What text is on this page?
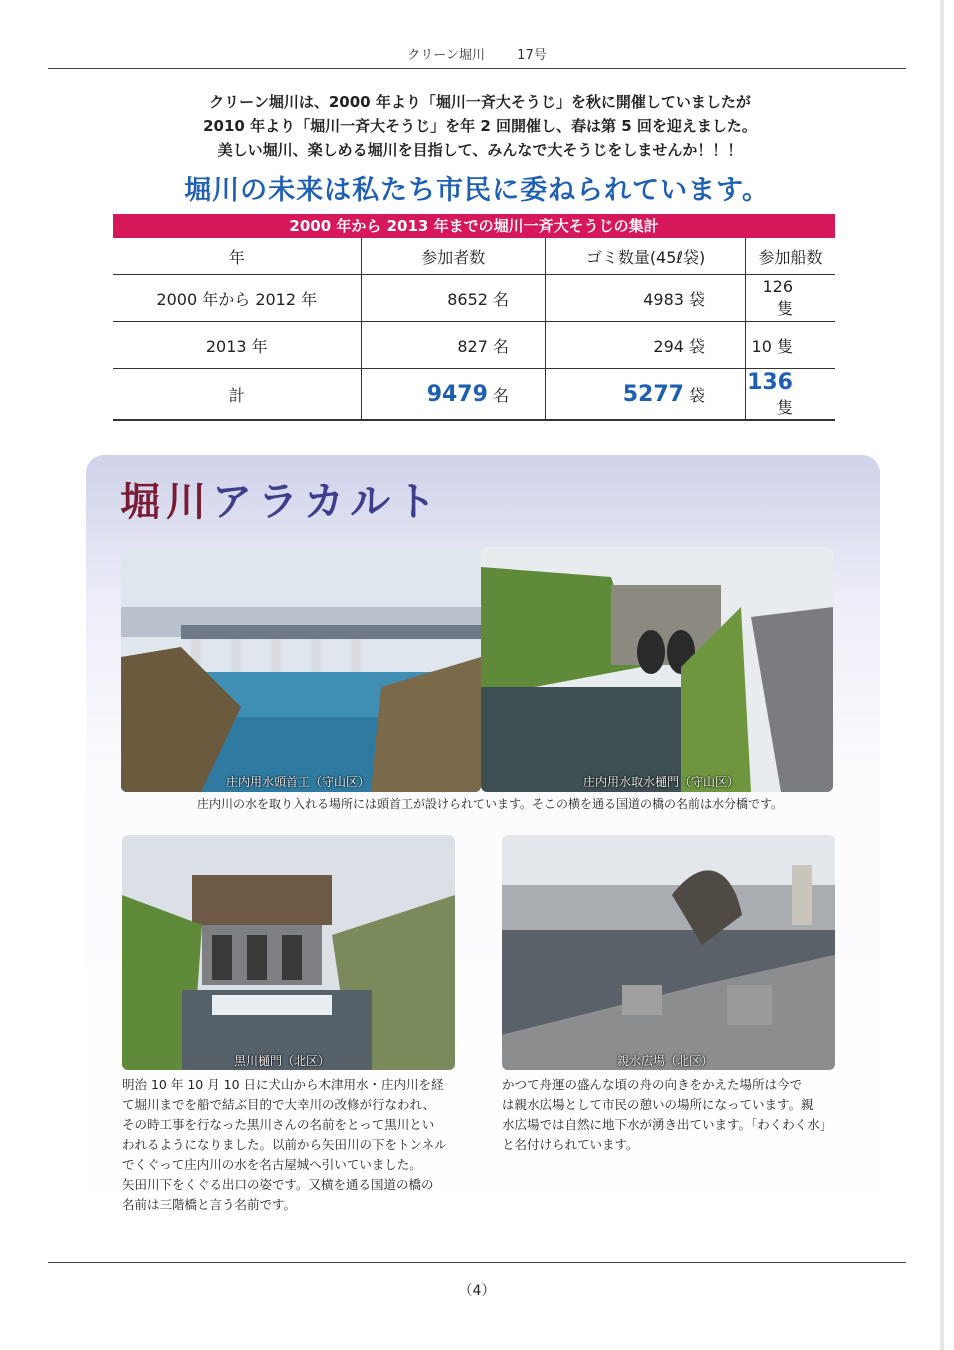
クリーン堀川 17号
クリーン堀川は、2000 年より「堀川一斉大そうじ」を秋に開催していましたが
2010 年より「堀川一斉大そうじ」を年 2 回開催し、春は第 5 回を迎えました。
美しい堀川、楽しめる堀川を目指して、みんなで大そうじをしませんか！！！
堀川の未来は私たち市民に委ねられています。
2000 年から 2013 年までの堀川一斉大そうじの集計
年	参加者数	ゴミ数量(45ℓ袋)	参加船数
2000 年から 2012 年	8652 名	4983 袋	126 隻
2013 年	827 名	294 袋	10 隻
計	9479 名	5277 袋	136 隻
堀川アラカルト
庄内用水頭首工（守山区）	庄内用水取水樋門（守山区）
庄内川の水を取り入れる場所には頭首工が設けられています。そこの横を通る国道の橋の名前は水分橋です。
黒川樋門（北区）	親水広場（北区）
明治 10 年 10 月 10 日に犬山から木津用水・庄内川を経
て堀川までを船で結ぶ目的で大幸川の改修が行なわれ、
その時工事を行なった黒川さんの名前をとって黒川とい
われるようになりました。以前から矢田川の下をトンネル
でくぐって庄内川の水を名古屋城へ引いていました。
矢田川下をくぐる出口の姿です。又横を通る国道の橋の
名前は三階橋と言う名前です。
かつて舟運の盛んな頃の舟の向きをかえた場所は今で
は親水広場として市民の憩いの場所になっています。親
水広場では自然に地下水が湧き出ています。「わくわく水」
と名付けられています。
（4）
